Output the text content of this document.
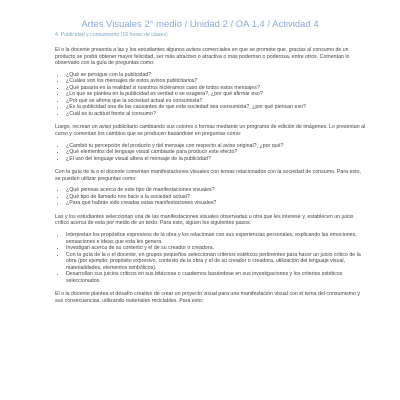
Artes Visuales 2° medio / Unidad 2 / OA 1,4 / Actividad 4
4. Publicidad y consumismo (10 horas de clases)

El o la docente presenta a las y los estudiantes algunos avisos comerciales en que se promete que, gracias al consumo de un producto se podrá obtener mayor felicidad, ser más atractivo o atractiva o más poderoso o poderosa, entre otros. Comentan lo observado con la guía de preguntas como:

• ¿Qué se persigue con la publicidad?
• ¿Cuáles son los mensajes de estos avisos publicitarios?
• ¿Qué pasaría en la realidad si nosotros hiciéramos caso de todos estos mensajes?
• ¿Lo que se plantea en la publicidad es verdad o se exagera?, ¿por qué afirmar eso?
• ¿Por qué se afirma que la sociedad actual es consumista?
• ¿Es la publicidad una de las causantes de que esta sociedad sea consumista?, ¿por qué piensan eso?
• ¿Cuál es tu actitud frente al consumo?

Luego, recrean un aviso publicitario cambiando sus colores o formas mediante un programa de edición de imágenes. Lo presentan al curso y comentan los cambios que se producen basándose en preguntas como:

• ¿Cambió tu percepción del producto y del mensaje con respecto al aviso original?, ¿por qué?
• ¿Qué elementos del lenguaje visual cambiaste para producir este efecto?
• ¿El uso del lenguaje visual altera el mensaje de la publicidad?

Con la guía de la o el docente comentan manifestaciones visuales con temas relacionados con la sociedad de consumo. Para esto, se pueden utilizar preguntas como:

• ¿Qué piensas acerca de este tipo de manifestaciones visuales?
• ¿Qué tipo de llamado nos hace a la sociedad actual?
• ¿Para qué habrán sido creadas estas manifestaciones visuales?

Las y los estudiantes seleccionan una de las manifestaciones visuales observadas u otra que les interese y, establecen un juicio crítico acerca de esta por medio de un texto. Para esto, siguen los siguientes pasos:

• Interpretan los propósitos expresivos de la obra y los relacionan con sus experiencias personales, explicando las emociones, sensaciones e ideas que esta les genera.
• Investigan acerca de su contexto y el de su creador o creadora.
• Con la guía de la o el docente, en grupos pequeños seleccionan criterios estéticos pertinentes para hacer un juicio crítico de la obra (por ejemplo: propósito expresivo, contexto de la obra y el de su creador o creadora, utilización del lenguaje visual, materialidades, elementos simbólicos).
• Desarrollan sus juicios críticos en sus bitácoras o cuadernos basándose en sus investigaciones y los criterios estéticos seleccionados.

El o la docente plantea el desafío creativo de crear un proyecto visual para una manifestación visual con el tema del consumismo y sus consecuencias, utilizando materiales reciclables. Para esto:
